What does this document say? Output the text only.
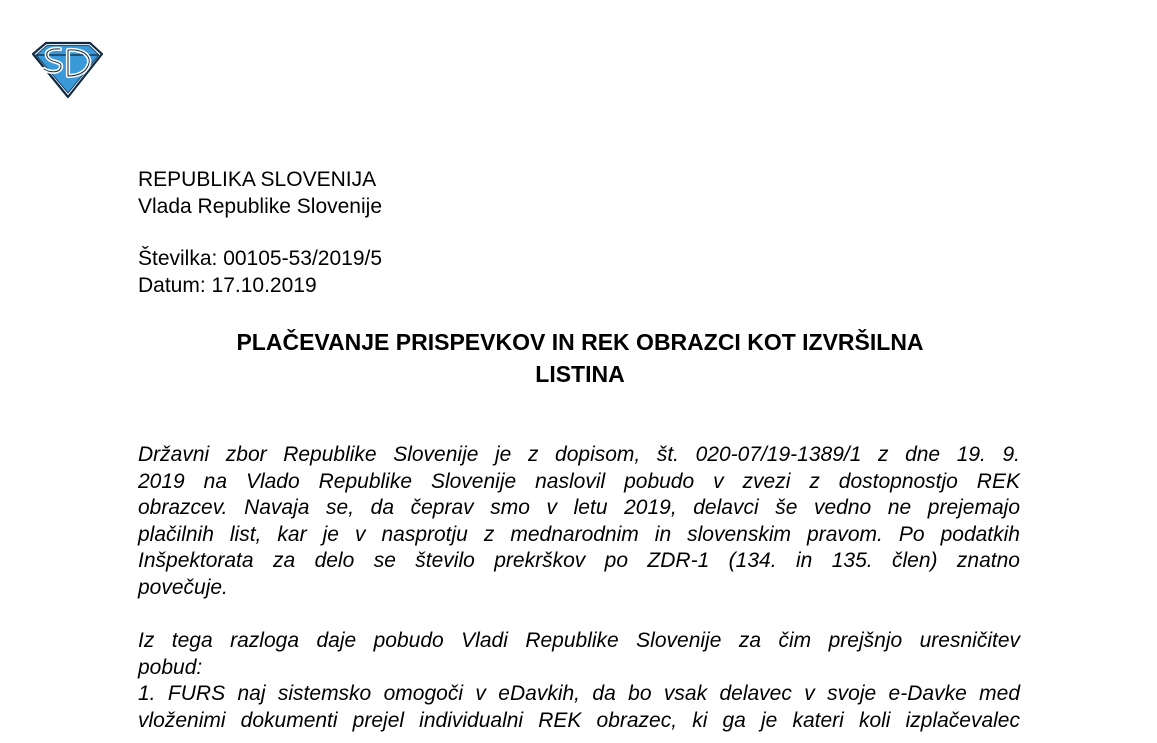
REPUBLIKA SLOVENIJA
Vlada Republike Slovenije
Številka: 00105-53/2019/5
Datum: 17.10.2019
PLAČEVANJE PRISPEVKOV IN REK OBRAZCI KOT IZVRŠILNA
LISTINA
Državni zbor Republike Slovenije je z dopisom, št. 020-07/19-1389/1 z dne 19. 9.
2019 na Vlado Republike Slovenije naslovil pobudo v zvezi z dostopnostjo REK
obrazcev. Navaja se, da čeprav smo v letu 2019, delavci še vedno ne prejemajo
plačilnih list, kar je v nasprotju z mednarodnim in slovenskim pravom. Po podatkih
Inšpektorata za delo se število prekrškov po ZDR-1 (134. in 135. člen) znatno
povečuje.
Iz tega razloga daje pobudo Vladi Republike Slovenije za čim prejšnjo uresničitev
pobud:
1. FURS naj sistemsko omogoči v eDavkih, da bo vsak delavec v svoje e-Davke med
vloženimi dokumenti prejel individualni REK obrazec, ki ga je kateri koli izplačevalec
